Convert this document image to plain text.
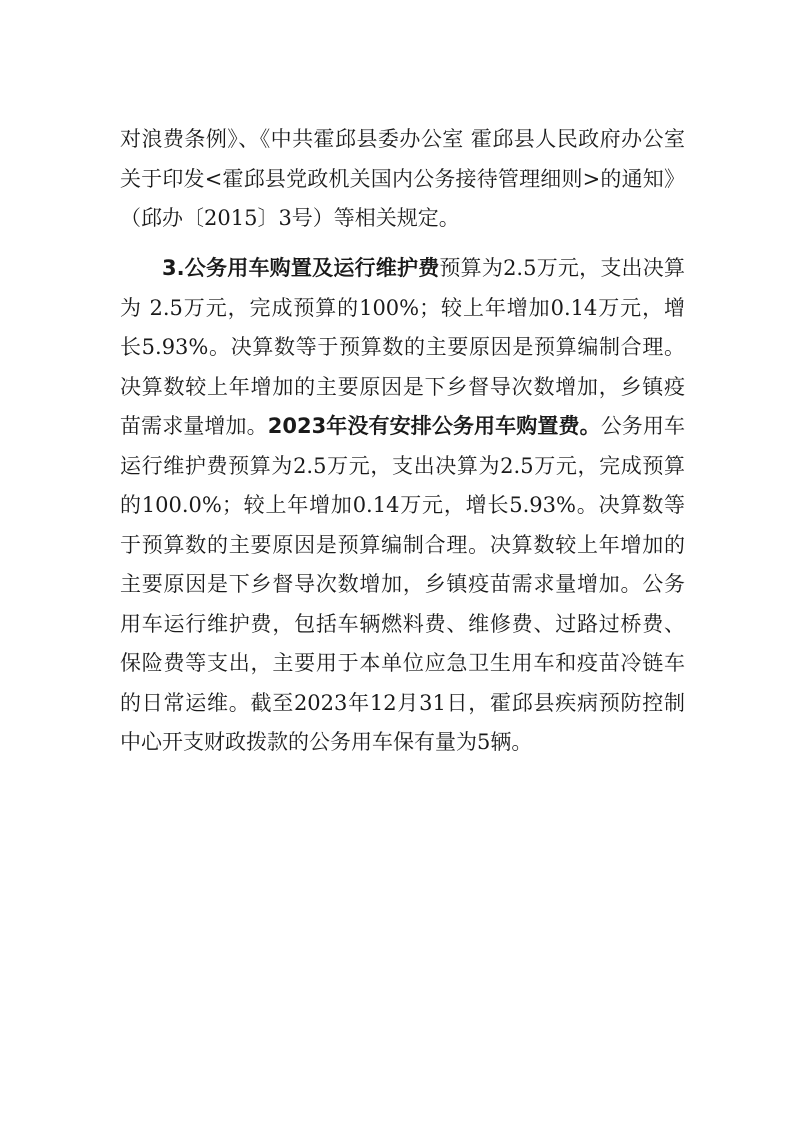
对浪费条例》、《中共霍邱县委办公室 霍邱县人民政府办公室关于印发<霍邱县党政机关国内公务接待管理细则>的通知》（邱办〔2015〕3号）等相关规定。

3.公务用车购置及运行维护费预算为2.5万元，支出决算为 2.5万元，完成预算的100%；较上年增加0.14万元，增长5.93%。决算数等于预算数的主要原因是预算编制合理。决算数较上年增加的主要原因是下乡督导次数增加，乡镇疫苗需求量增加。2023年没有安排公务用车购置费。公务用车运行维护费预算为2.5万元，支出决算为2.5万元，完成预算的100.0%；较上年增加0.14万元，增长5.93%。决算数等于预算数的主要原因是预算编制合理。决算数较上年增加的主要原因是下乡督导次数增加，乡镇疫苗需求量增加。公务用车运行维护费，包括车辆燃料费、维修费、过路过桥费、保险费等支出，主要用于本单位应急卫生用车和疫苗冷链车的日常运维。截至2023年12月31日，霍邱县疾病预防控制中心开支财政拨款的公务用车保有量为5辆。
